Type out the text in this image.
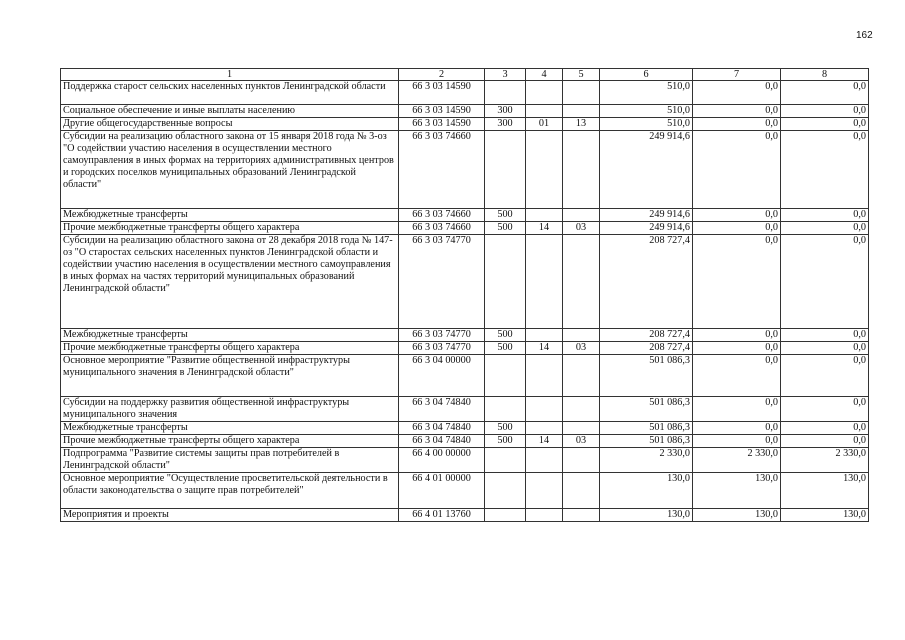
162
1	2	3	4	5	6	7	8
Поддержка старост сельских населенных пунктов Ленинградской области	66 3 03 14590				510,0	0,0	0,0
Социальное обеспечение и иные выплаты населению	66 3 03 14590	300			510,0	0,0	0,0
Другие общегосударственные вопросы	66 3 03 14590	300	01	13	510,0	0,0	0,0
Субсидии на реализацию областного закона от 15 января 2018 года № 3-оз "О содействии участию населения в осуществлении местного самоуправления в иных формах на территориях административных центров и городских поселков муниципальных образований Ленинградской области"	66 3 03 74660				249 914,6	0,0	0,0
Межбюджетные трансферты	66 3 03 74660	500			249 914,6	0,0	0,0
Прочие межбюджетные трансферты общего характера	66 3 03 74660	500	14	03	249 914,6	0,0	0,0
Субсидии на реализацию областного закона от 28 декабря 2018 года № 147-оз "О старостах сельских населенных пунктов Ленинградской области и содействии участию населения в осуществлении местного самоуправления в иных формах на частях территорий муниципальных образований Ленинградской области"	66 3 03 74770				208 727,4	0,0	0,0
Межбюджетные трансферты	66 3 03 74770	500			208 727,4	0,0	0,0
Прочие межбюджетные трансферты общего характера	66 3 03 74770	500	14	03	208 727,4	0,0	0,0
Основное мероприятие "Развитие общественной инфраструктуры муниципального значения в Ленинградской области"	66 3 04 00000				501 086,3	0,0	0,0
Субсидии на поддержку развития общественной инфраструктуры муниципального значения	66 3 04 74840				501 086,3	0,0	0,0
Межбюджетные трансферты	66 3 04 74840	500			501 086,3	0,0	0,0
Прочие межбюджетные трансферты общего характера	66 3 04 74840	500	14	03	501 086,3	0,0	0,0
Подпрограмма "Развитие системы защиты прав потребителей в Ленинградской области"	66 4 00 00000				2 330,0	2 330,0	2 330,0
Основное мероприятие "Осуществление просветительской деятельности в области законодательства о защите прав потребителей"	66 4 01 00000				130,0	130,0	130,0
Мероприятия и проекты	66 4 01 13760				130,0	130,0	130,0
